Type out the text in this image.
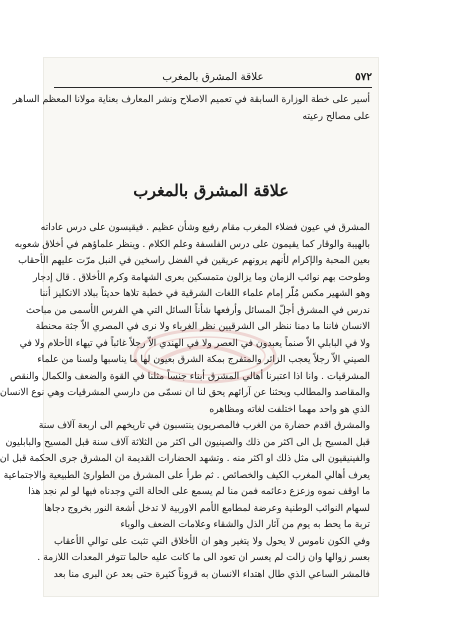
٥٧٢
علاقة المشرق بالمغرب
أسير على خطة الوزارة السابقة في تعميم الاصلاح ونشر المعارف بعناية مولانا المعظم الساهر
على مصالح رعيته
علاقة المشرق بالمغرب
المشرق في عيون فضلاء المغرب مقام رفيع وشأن عظيم . فيقيسون على درس عاداته
بالهيبة والوقار كما يقيمون على درس الفلسفة وعلم الكلام . وينظر علماؤهم في أخلاق شعوبه
بعين المحبة والإكرام لأنهم يرونهم عريقين في الفضل راسخين في النبل مرّت عليهم الأحقاب
وطوحت بهم نوائب الزمان وما يزالون متمسكين بعرى الشهامة وكرم الأخلاق . قال إدجار
وهو الشهير مكس مُلّر إمام علماء اللغات الشرقية في خطبة تلاها حديثاً ببلاد الانكليز أننا
ندرس في المشرق أجلّ المسائل وأرفعها شأناً السائل التي هي الفرس الأسمى من مباحث
الانسان فاننا ما دمنا ننظر الى الشرقيين نظر الغرباء ولا نرى في المصري الاّ جثة محنطة
ولا في البابلي الاّ صنماً يعبدون في العصر ولا في الهندي الاّ رجلاً غائباً في تيهاء الأحلام ولا في
الصيني الاّ رجلاً يعجب الزائر والمتفرج بمكة الشرق بعيون لها ما يناسبها ولسنا من علماء
المشرقيات . وانا اذا اعتبرنا أهالي المشرق أبناء جنساً مثلنا في القوة والضعف والكمال والنقص
والمقاصد والمطالب وبحثنا عن آرائهم يحق لنا ان نسمّى من دارسي المشرقيات وهي نوع الانسان
الذي هو واحد مهما اختلفت لغاته ومظاهره
والمشرق اقدم حضارة من الغرب فالمصريون ينتسبون في تاريخهم الى اربعة آلاف سنة
قبل المسيح بل الى اكثر من ذلك والصينيون الى اكثر من الثلاثة آلاف سنة قبل المسيح والبابليون
والفينيقيون الى مثل ذلك او اكثر منه . وتشهد الحضارات القديمة ان المشرق جرى الحكمة قبل ان
يعرف أهالي المغرب الكيف والخصائص . ثم طرأ على المشرق من الطوارئ الطبيعية والاجتماعية
ما اوقف نموه وزعزع دعائمه فمن منا لم يسمع على الحالة التي وجدناه فيها لو لم نجد هذا
لسهام النوائب الوطنية وعرضة لمطامع الأمم الاوربية لا تدخل أشعة النور بخروج دجاها
تربة ما يحط به يوم من آثار الذل والشقاء وعلامات الضعف والوباء
وفي الكون ناموس لا يحول ولا يتغير وهو ان الأخلاق التي تثبت على توالي الأعقاب
بعسر زوالها وان زالت لم يعسر ان تعود الى ما كانت عليه حالما تتوفر المعدات اللازمة .
فالمشر الساعي الذي طال اهتداء الانسان به قروناً كثيرة حتى بعد عن البرى منا بعد
